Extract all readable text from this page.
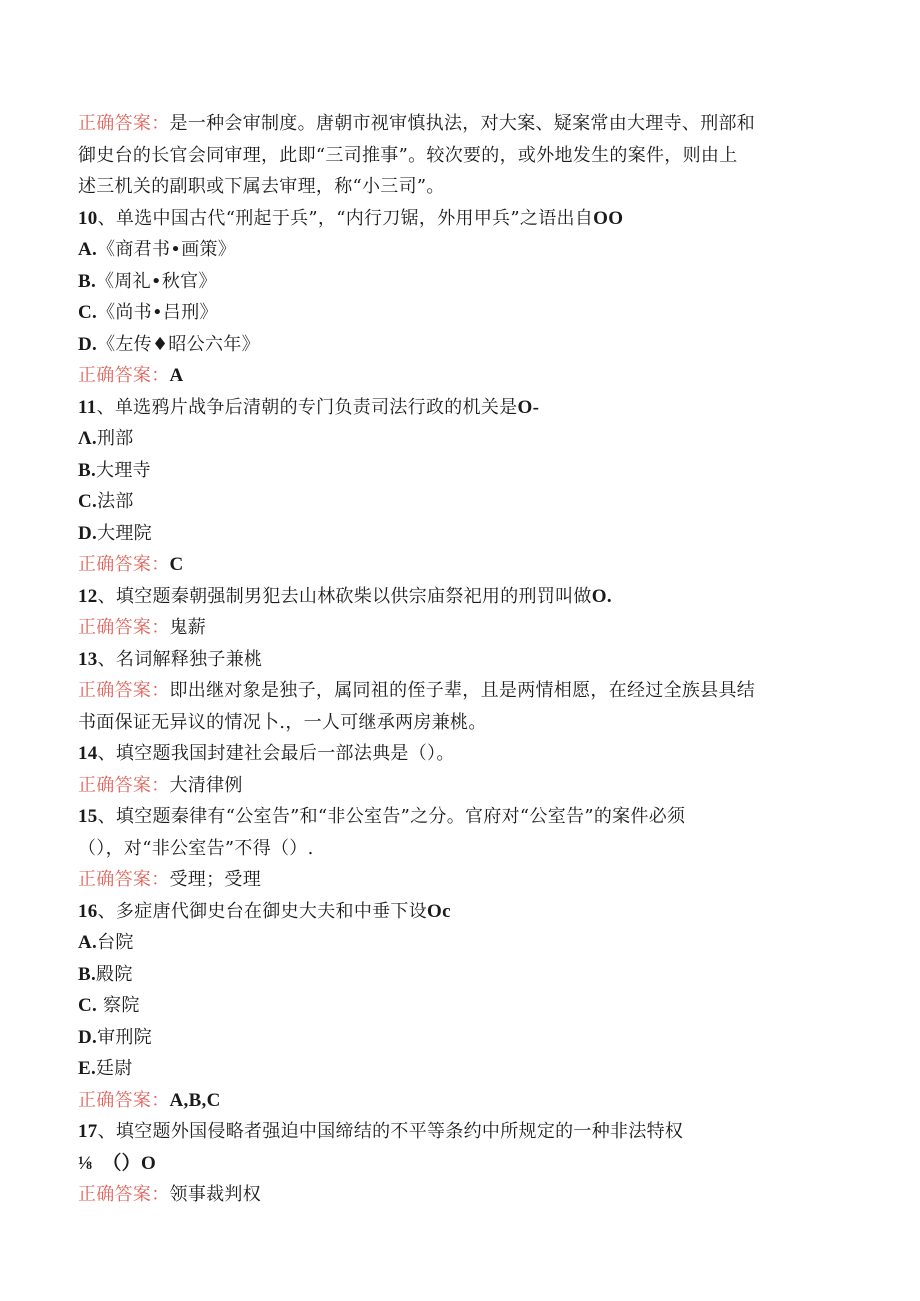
正确答案：是一种会审制度。唐朝市视审慎执法，对大案、疑案常由大理寺、刑部和
御史台的长官会同审理，此即“三司推事”。较次要的，或外地发生的案件，则由上
述三机关的副职或下属去审理，称“小三司”。
10、单选中国古代“刑起于兵”，“内行刀锯，外用甲兵”之语出自OO
A.《商君书•画策》
B.《周礼•秋官》
C.《尚书•吕刑》
D.《左传♦昭公六年》
正确答案：A
11、单选鸦片战争后清朝的专门负责司法行政的机关是O-
Λ.刑部
B.大理寺
C.法部
D.大理院
正确答案：C
12、填空题秦朝强制男犯去山林砍柴以供宗庙祭祀用的刑罚叫做O.
正确答案：鬼薪
13、名词解释独子兼桃
正确答案：即出继对象是独子，属同祖的侄子辈，且是两情相愿，在经过全族县具结
书面保证无异议的情况卜.，一人可继承两房兼桃。
14、填空题我国封建社会最后一部法典是（）。
正确答案：大清律例
15、填空题秦律有“公室告”和“非公室告”之分。官府对“公室告”的案件必须
（），对“非公室告”不得（）.
正确答案：受理；受理
16、多症唐代御史台在御史大夫和中垂下设Oc
A.台院
B.殿院
C. 察院
D.审刑院
E.廷尉
正确答案：A,B,C
17、填空题外国侵略者强迫中国缔结的不平等条约中所规定的一种非法特权
⅛　（）O
正确答案：领事裁判权
